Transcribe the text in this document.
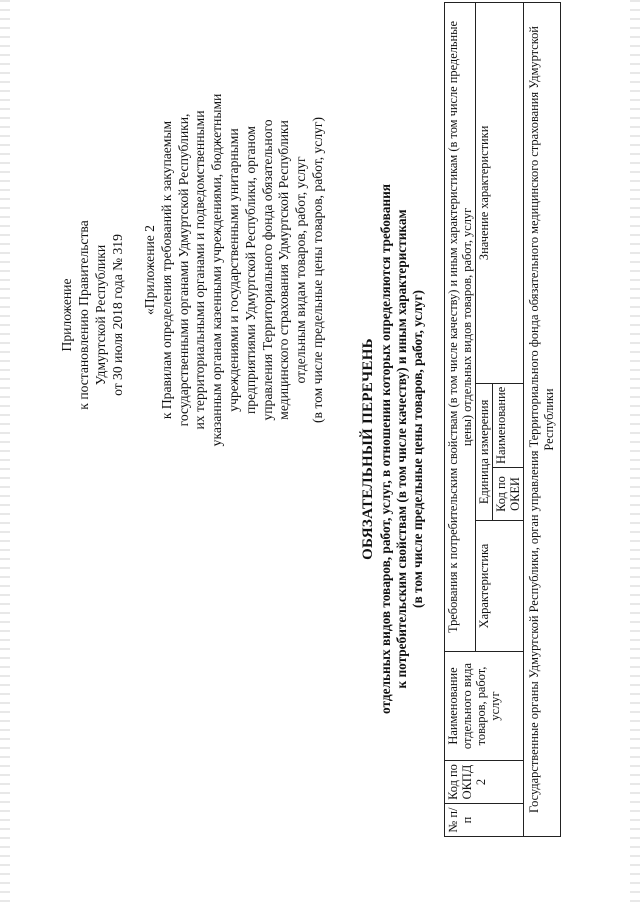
Приложение к постановлению Правительства Удмуртской Республики от 30 июля 2018 года № 319 «Приложение 2 к Правилам определения требований к закупаемым государственными органами Удмуртской Республики, их территориальными органами и подведомственными указанным органам казенными учреждениями, бюджетными учреждениями и государственными унитарными предприятиями Удмуртской Республики, органом управления Территориального фонда обязательного медицинского страхования Удмуртской Республики отдельным видам товаров, работ, услуг (в том числе предельные цены товаров, работ, услуг)
ОБЯЗАТЕЛЬНЫЙ ПЕРЕЧЕНЬ отдельных видов товаров, работ, услуг, в отношении которых определяются требования к потребительским свойствам (в том числе качеству) и иным характеристикам (в том числе предельные цены товаров, работ, услуг)
№ п/п	Код по ОКПД 2	Наименование отдельного вида товаров, работ, услуг	Требования к потребительским свойствам (в том числе качеству) и иным характеристикам (в том числе предельные цены) отдельных видов товаров, работ, услуг			
			Характеристика	Единица измерения		Значение характеристики
				Код по ОКЕИ	Наименование	
Государственные органы Удмуртской Республики, орган управления Территориального фонда обязательного медицинского страхования Удмуртской Республики						
